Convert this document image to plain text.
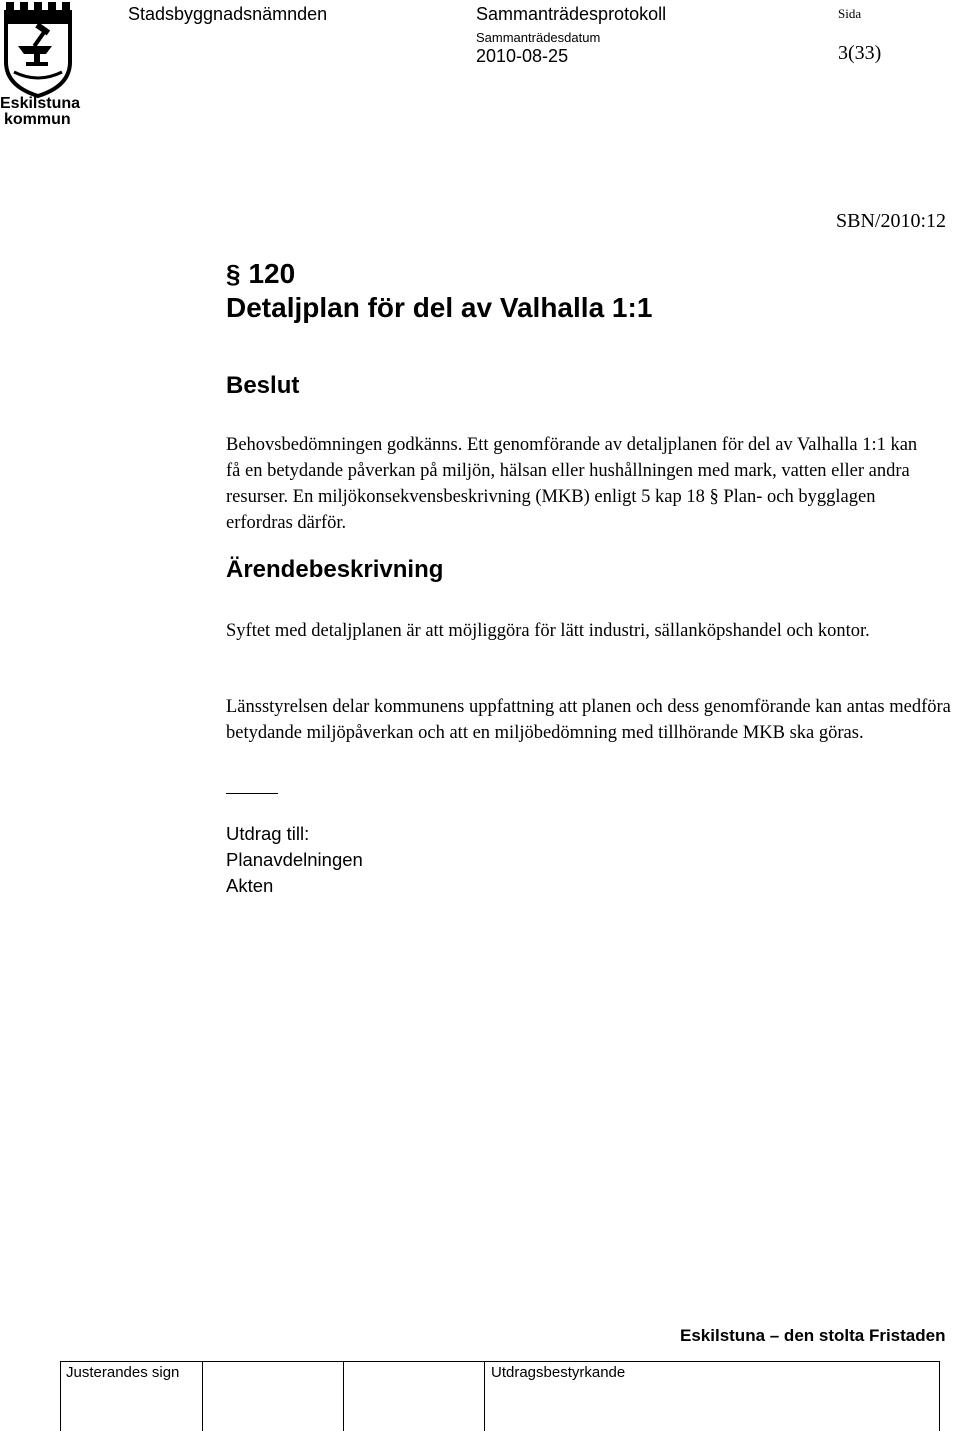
Eskilstuna
kommun
Stadsbyggnadsnämnden	Sammanträdesprotokoll	Sida
Sammanträdesdatum
2010-08-25	3(33)
SBN/2010:12
§ 120
Detaljplan för del av Valhalla 1:1
Beslut
Behovsbedömningen godkänns. Ett genomförande av detaljplanen för del av Valhalla 1:1 kan få en betydande påverkan på miljön, hälsan eller hushållningen med mark, vatten eller andra resurser. En miljökonsekvensbeskrivning (MKB) enligt 5 kap 18 § Plan- och bygglagen erfordras därför.
Ärendebeskrivning
Syftet med detaljplanen är att möjliggöra för lätt industri, sällanköpshandel och kontor.
Länsstyrelsen delar kommunens uppfattning att planen och dess genomförande kan antas medföra betydande miljöpåverkan och att en miljöbedömning med tillhörande MKB ska göras.
Utdrag till:
Planavdelningen
Akten
Eskilstuna – den stolta Fristaden
Justerandes sign	Utdragsbestyrkande
